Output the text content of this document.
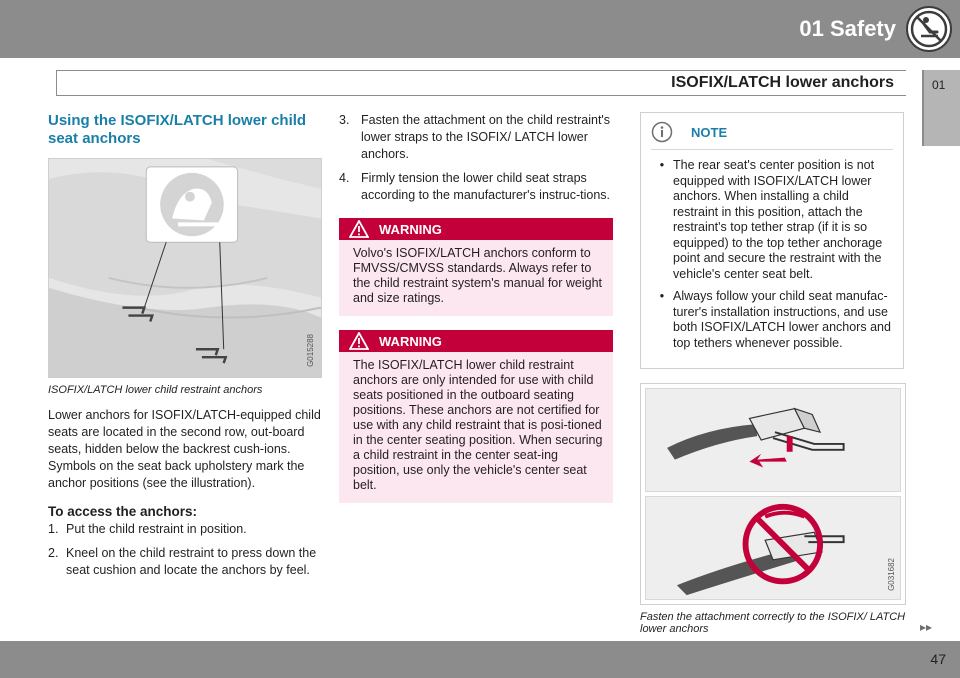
01 Safety
ISOFIX/LATCH lower anchors	01
Using the ISOFIX/LATCH lower child seat anchors
G015288
ISOFIX/LATCH lower child restraint anchors

Lower anchors for ISOFIX/LATCH-equipped child seats are located in the second row, out-board seats, hidden below the backrest cush-ions. Symbols on the seat back upholstery mark the anchor positions (see the illustration).

To access the anchors:
1. Put the child restraint in position.
2. Kneel on the child restraint to press down the seat cushion and locate the anchors by feel.
3. Fasten the attachment on the child restraint's lower straps to the ISOFIX/ LATCH lower anchors.
4. Firmly tension the lower child seat straps according to the manufacturer's instruc-tions.
WARNING
Volvo's ISOFIX/LATCH anchors conform to FMVSS/CMVSS standards. Always refer to the child restraint system's manual for weight and size ratings.
WARNING
The ISOFIX/LATCH lower child restraint anchors are only intended for use with child seats positioned in the outboard seating positions. These anchors are not certified for use with any child restraint that is posi-tioned in the center seating position. When securing a child restraint in the center seat-ing position, use only the vehicle's center seat belt.
NOTE
• The rear seat's center position is not equipped with ISOFIX/LATCH lower anchors. When installing a child restraint in this position, attach the restraint's top tether strap (if it is so equipped) to the top tether anchorage point and secure the restraint with the vehicle's center seat belt.
• Always follow your child seat manufac-turer's installation instructions, and use both ISOFIX/LATCH lower anchors and top tethers whenever possible.
G031682
Fasten the attachment correctly to the ISOFIX/ LATCH lower anchors	▸▸
47
